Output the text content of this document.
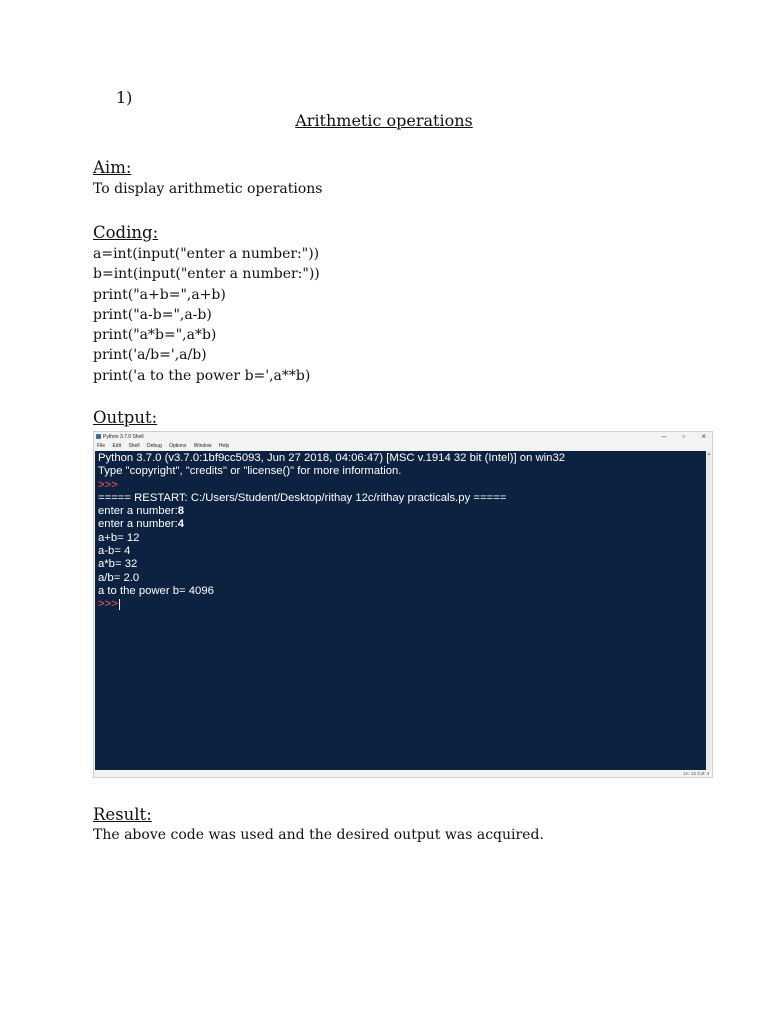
1)
Arithmetic operations
Aim:
To display arithmetic operations
Coding:
a=int(input("enter a number:"))
b=int(input("enter a number:"))
print("a+b=",a+b)
print("a-b=",a-b)
print("a*b=",a*b)
print('a/b=',a/b)
print('a to the power b=',a**b)
Output:
Python 3.7.0 Shell	– ▫ ×
File Edit Shell Debug Options Window Help
Python 3.7.0 (v3.7.0:1bf9cc5093, Jun 27 2018, 04:06:47) [MSC v.1914 32 bit (Intel)] on win32
Type "copyright", "credits" or "license()" for more information.
>>>
===== RESTART: C:/Users/Student/Desktop/rithay 12c/rithay practicals.py =====
enter a number:8
enter a number:4
a+b= 12
a-b= 4
a*b= 32
a/b= 2.0
a to the power b= 4096
>>>
▲
Ln: 12 Col: 4
Result:
The above code was used and the desired output was acquired.
